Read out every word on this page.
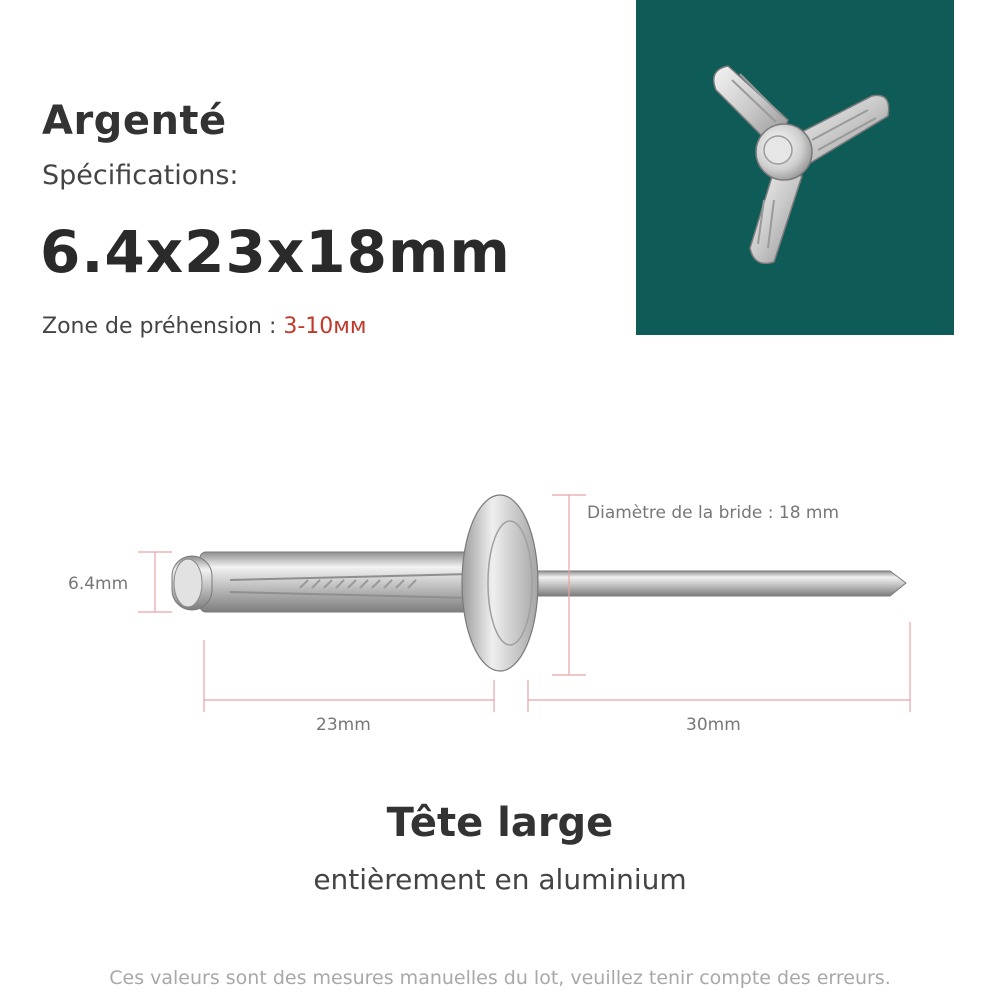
Argenté
Spécifications:
6.4x23x18mm
Zone de préhension : 3-10мм
6.4mm
Diamètre de la bride : 18 mm
23mm	30mm
Tête large
entièrement en aluminium
Ces valeurs sont des mesures manuelles du lot, veuillez tenir compte des erreurs.
